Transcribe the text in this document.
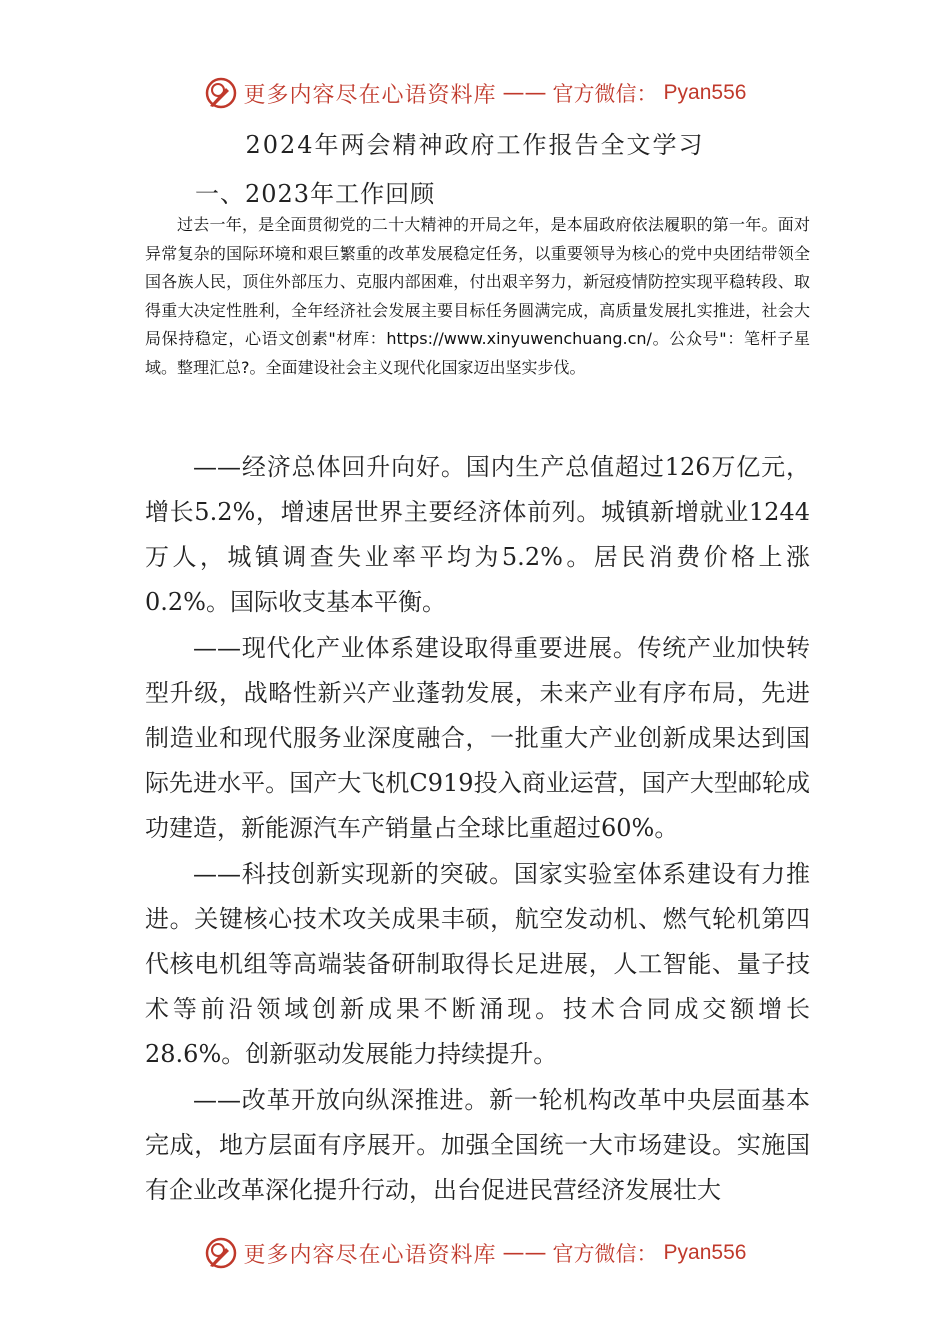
更多内容尽在心语资料库 —— 官方微信： Pyan556
2024年两会精神政府工作报告全文学习
一、2023年工作回顾

过去一年，是全面贯彻党的二十大精神的开局之年，是本届政府依法履职的第一年。面对异常复杂的国际环境和艰巨繁重的改革发展稳定任务，以重要领导为核心的党中央团结带领全国各族人民，顶住外部压力、克服内部困难，付出艰辛努力，新冠疫情防控实现平稳转段、取得重大决定性胜利，全年经济社会发展主要目标任务圆满完成，高质量发展扎实推进，社会大局保持稳定，心语文创素"材库：https://www.xinyuwenchuang.cn/。公众号"：笔杆子星域。整理汇总?。全面建设社会主义现代化国家迈出坚实步伐。

——经济总体回升向好。国内生产总值超过126万亿元，增长5.2%，增速居世界主要经济体前列。城镇新增就业1244万人，城镇调查失业率平均为5.2%。居民消费价格上涨0.2%。国际收支基本平衡。

——现代化产业体系建设取得重要进展。传统产业加快转型升级，战略性新兴产业蓬勃发展，未来产业有序布局，先进制造业和现代服务业深度融合，一批重大产业创新成果达到国际先进水平。国产大飞机C919投入商业运营，国产大型邮轮成功建造，新能源汽车产销量占全球比重超过60%。

——科技创新实现新的突破。国家实验室体系建设有力推进。关键核心技术攻关成果丰硕，航空发动机、燃气轮机第四代核电机组等高端装备研制取得长足进展，人工智能、量子技术等前沿领域创新成果不断涌现。技术合同成交额增长28.6%。创新驱动发展能力持续提升。

——改革开放向纵深推进。新一轮机构改革中央层面基本完成，地方层面有序展开。加强全国统一大市场建设。实施国有企业改革深化提升行动，出台促进民营经济发展壮大

更多内容尽在心语资料库 —— 官方微信： Pyan556
